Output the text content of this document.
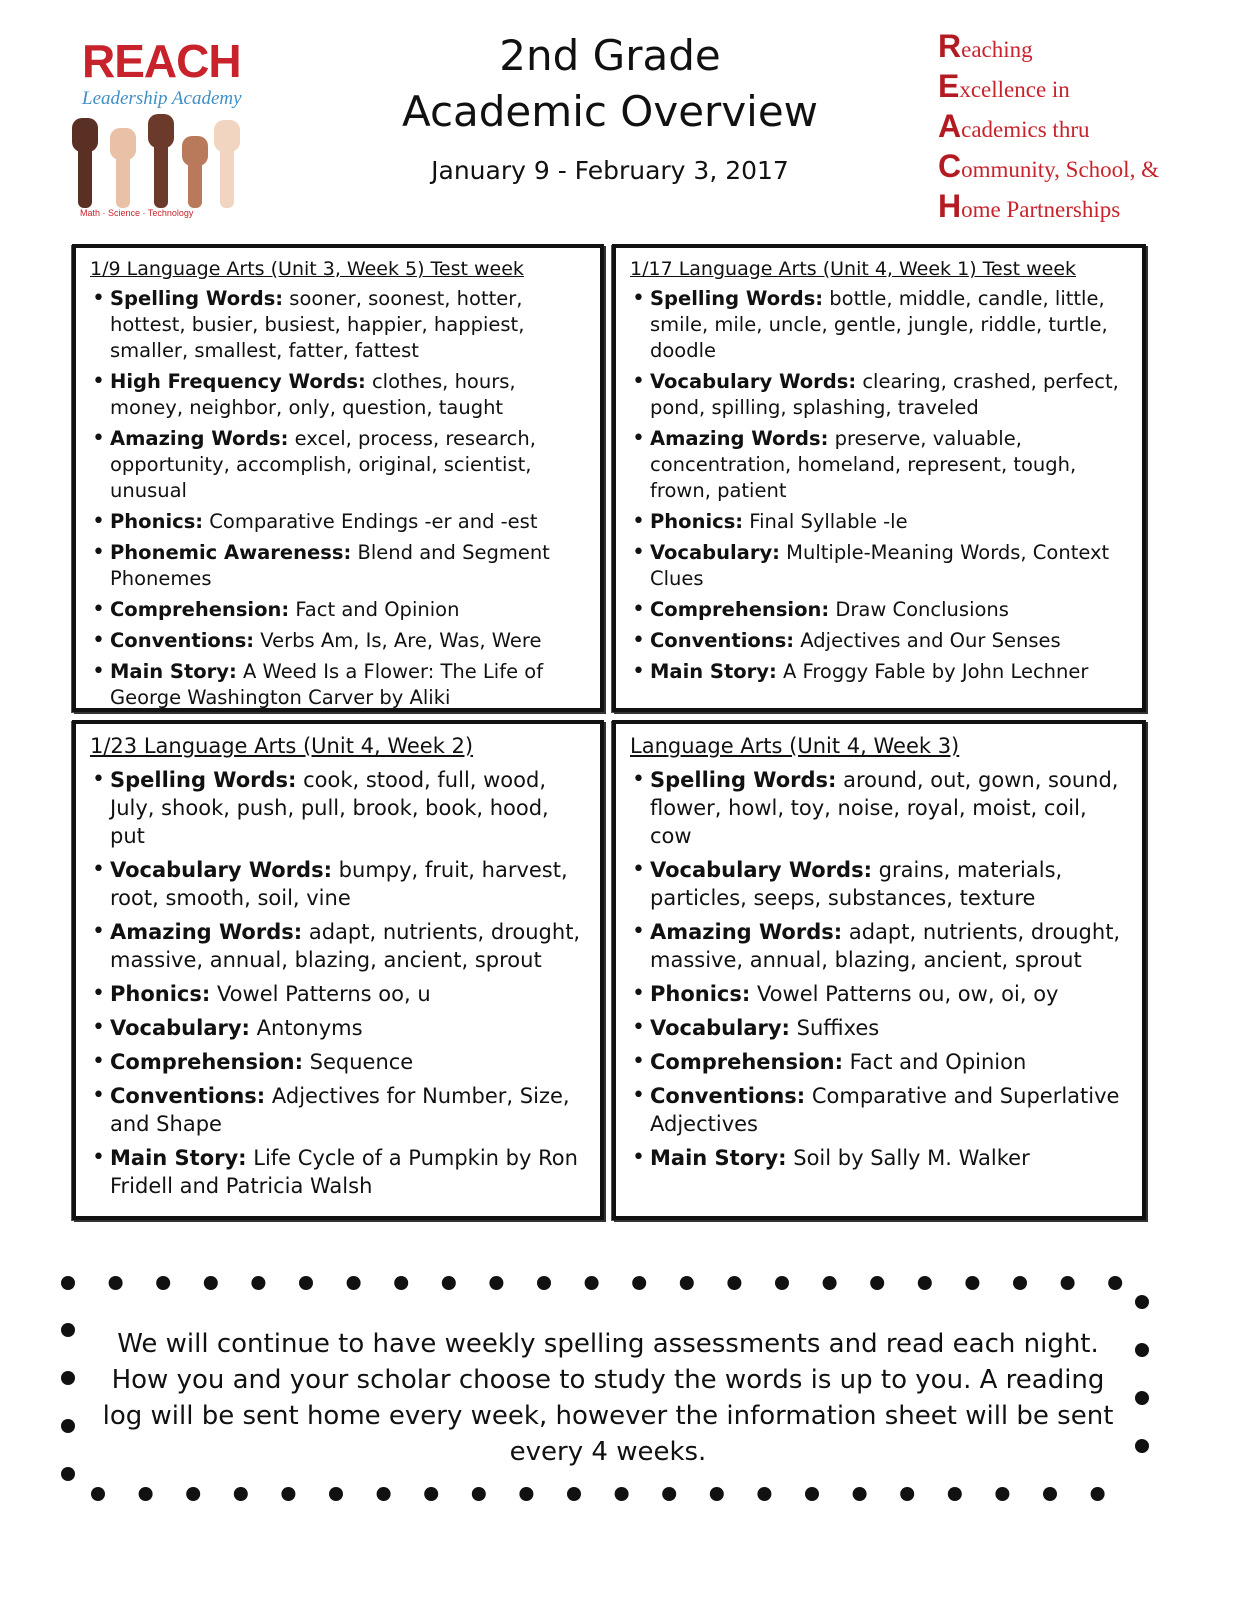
REACH
Leadership Academy
Math · Science · Technology

2nd Grade

Academic Overview

January 9 - February 3, 2017

Reaching
Excellence in
Academics thru
Community, School, &
Home Partnerships

1/9 Language Arts (Unit 3, Week 5) Test week

• Spelling Words: sooner, soonest, hotter, hottest, busier, busiest, happier, happiest, smaller, smallest, fatter, fattest
• High Frequency Words: clothes, hours, money, neighbor, only, question, taught
• Amazing Words: excel, process, research, opportunity, accomplish, original, scientist, unusual
• Phonics: Comparative Endings -er and -est
• Phonemic Awareness: Blend and Segment Phonemes
• Comprehension: Fact and Opinion
• Conventions: Verbs Am, Is, Are, Was, Were
• Main Story: A Weed Is a Flower: The Life of George Washington Carver by Aliki

1/17 Language Arts (Unit 4, Week 1) Test week

• Spelling Words: bottle, middle, candle, little, smile, mile, uncle, gentle, jungle, riddle, turtle, doodle
• Vocabulary Words: clearing, crashed, perfect, pond, spilling, splashing, traveled
• Amazing Words: preserve, valuable, concentration, homeland, represent, tough, frown, patient
• Phonics: Final Syllable -le
• Vocabulary: Multiple-Meaning Words, Context Clues
• Comprehension: Draw Conclusions
• Conventions: Adjectives and Our Senses
• Main Story: A Froggy Fable by John Lechner

1/23 Language Arts (Unit 4, Week 2)

• Spelling Words: cook, stood, full, wood, July, shook, push, pull, brook, book, hood, put
• Vocabulary Words: bumpy, fruit, harvest, root, smooth, soil, vine
• Amazing Words: adapt, nutrients, drought, massive, annual, blazing, ancient, sprout
• Phonics: Vowel Patterns oo, u
• Vocabulary: Antonyms
• Comprehension: Sequence
• Conventions: Adjectives for Number, Size, and Shape
• Main Story: Life Cycle of a Pumpkin by Ron Fridell and Patricia Walsh

Language Arts (Unit 4, Week 3)

• Spelling Words: around, out, gown, sound, flower, howl, toy, noise, royal, moist, coil, cow
• Vocabulary Words: grains, materials, particles, seeps, substances, texture
• Amazing Words: adapt, nutrients, drought, massive, annual, blazing, ancient, sprout
• Phonics: Vowel Patterns ou, ow, oi, oy
• Vocabulary: Suffixes
• Comprehension: Fact and Opinion
• Conventions: Comparative and Superlative Adjectives
• Main Story: Soil by Sally M. Walker

We will continue to have weekly spelling assessments and read each night. How you and your scholar choose to study the words is up to you. A reading log will be sent home every week, however the information sheet will be sent every 4 weeks.
